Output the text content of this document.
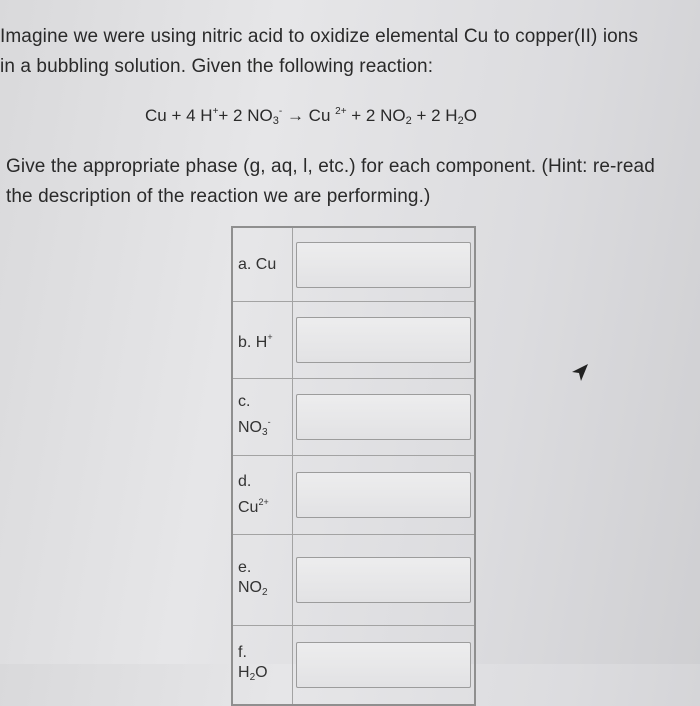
Imagine we were using nitric acid to oxidize elemental Cu to copper(II) ions
in a bubbling solution. Given the following reaction:

Cu + 4 H++ 2 $NO_3^- \to Cu$ $^{2+}$ + 2 $NO_2 + 2$ $H_2O$

Give the appropriate phase (g, aq, l, etc.) for each component. (Hint: re-read
the description of the reaction we are performing.)

a. Cu	

b. H+	

c.
$NO_3^-$	

d.
$Cu^{2+}$	

e.
$NO_2$	

f.
$H_2O$	
